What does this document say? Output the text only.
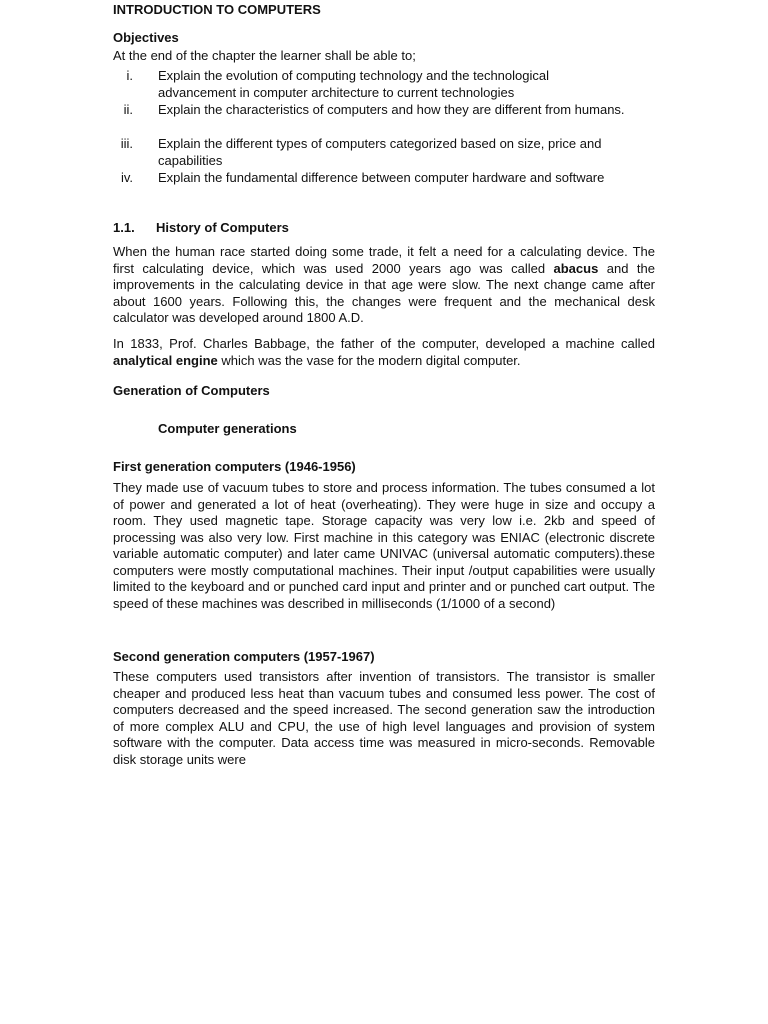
INTRODUCTION TO COMPUTERS
Objectives
At the end of the chapter the learner shall be able to;
i. Explain the evolution of computing technology and the technological advancement in computer architecture to current technologies
ii. Explain the characteristics of computers and how they are different from humans.
iii. Explain the different types of computers categorized based on size, price and capabilities
iv. Explain the fundamental difference between computer hardware and software
1.1. History of Computers

When the human race started doing some trade, it felt a need for a calculating device. The first calculating device, which was used 2000 years ago was called abacus and the improvements in the calculating device in that age were slow. The next change came after about 1600 years. Following this, the changes were frequent and the mechanical desk calculator was developed around 1800 A.D.

In 1833, Prof. Charles Babbage, the father of the computer, developed a machine called analytical engine which was the vase for the modern digital computer.

Generation of Computers
Computer generations
First generation computers (1946-1956)

They made use of vacuum tubes to store and process information. The tubes consumed a lot of power and generated a lot of heat (overheating). They were huge in size and occupy a room. They used magnetic tape. Storage capacity was very low i.e. 2kb and speed of processing was also very low. First machine in this category was ENIAC (electronic discrete variable automatic computer) and later came UNIVAC (universal automatic computers).these computers were mostly computational machines. Their input /output capabilities were usually limited to the keyboard and or punched card input and printer and or punched cart output. The speed of these machines was described in milliseconds (1/1000 of a second)

Second generation computers (1957-1967)

These computers used transistors after invention of transistors. The transistor is smaller cheaper and produced less heat than vacuum tubes and consumed less power. The cost of computers decreased and the speed increased. The second generation saw the introduction of more complex ALU and CPU, the use of high level languages and provision of system software with the computer. Data access time was measured in micro-seconds. Removable disk storage units were
